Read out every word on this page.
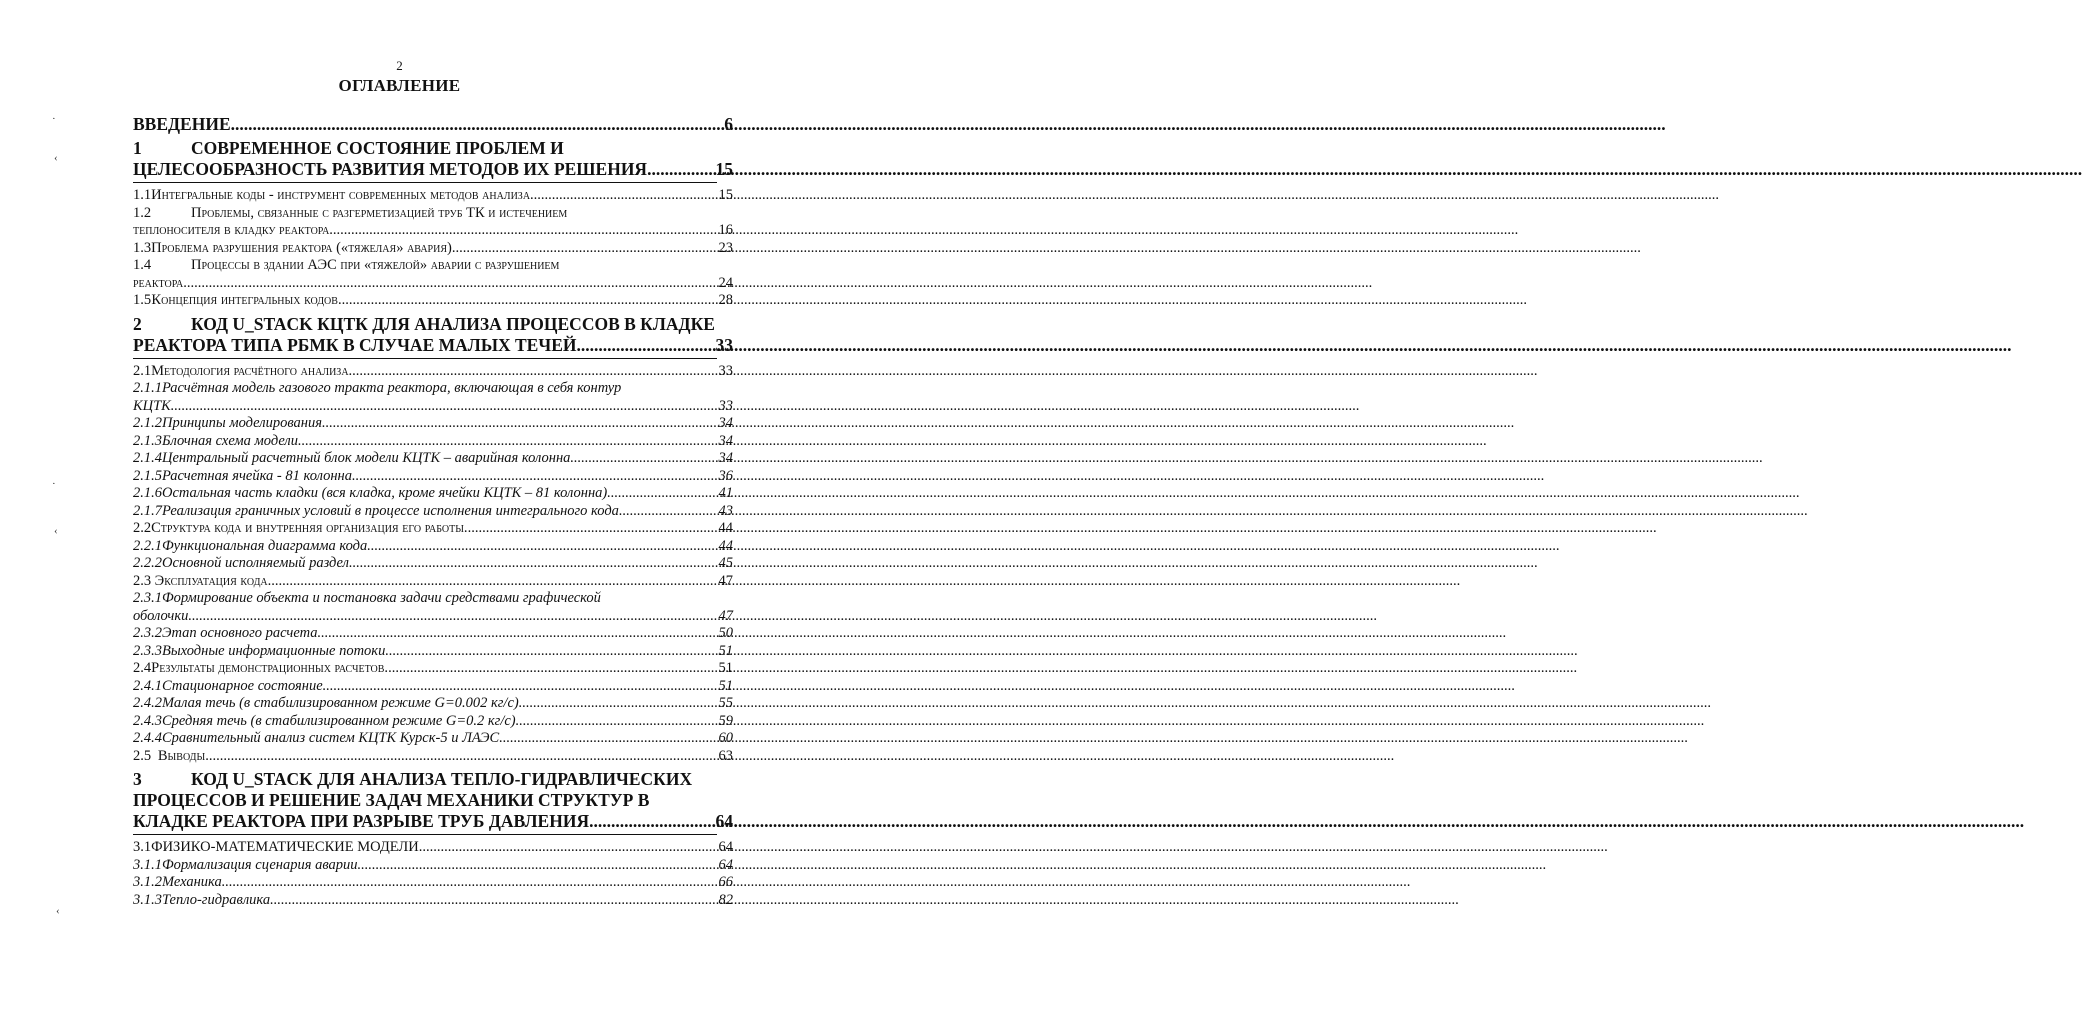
2
ОГЛАВЛЕНИЕ
·
‹
·
‹
‹
ВВЕДЕНИЕ .....	6
1	СОВРЕМЕННОЕ СОСТОЯНИЕ ПРОБЛЕМ И
ЦЕЛЕСООБРАЗНОСТЬ РАЗВИТИЯ МЕТОДОВ ИХ РЕШЕНИЯ .....	15
1.1 Интегральные коды - инструмент современных методов анализа .....	15
1.2	Проблемы, связанные с разгерметизацией труб ТК и истечением
теплоносителя в кладку реактора .....	16
1.3 Проблема разрушения реактора («тяжелая» авария) .....	23
1.4	Процессы в здании АЭС при «тяжелой» аварии с разрушением
реактора .....	24
1.5 Концепция интегральных кодов .....	28
2	КОД U_STACK КЦТК ДЛЯ АНАЛИЗА ПРОЦЕССОВ В КЛАДКЕ
РЕАКТОРА ТИПА РБМК В СЛУЧАЕ МАЛЫХ ТЕЧЕЙ .....	33
2.1 Методология расчётного анализа .....	33
2.1.1Расчётная модель газового тракта реактора, включающая в себя контур
КЦТК .....	33
2.1.2 Принципы моделирования. .....	34
2.1.3 Блочная схема модели .....	34
2.1.4 Центральный расчетный блок модели КЦТК – аварийная колонна. .....	34
2.1.5 Расчетная ячейка - 81 колонна. .....	36
2.1.6 Остальная часть кладки (вся кладка, кроме ячейки КЦТК – 81 колонна). .....	41
2.1.7 Реализация граничных условий в процессе исполнения интегрального кода .....	43
2.2 Структура кода и внутренняя организация его работы. .....	44
2.2.1 Функциональная диаграмма кода. .....	44
2.2.2 Основной исполняемый раздел .....	45
2.3 Эксплуатация кода. .....	47
2.3.1Формирование объекта и постановка задачи средствами графической
оболочки .....	47
2.3.2 Этап основного расчета .....	50
2.3.3 Выходные информационные потоки. .....	51
2.4 Результаты демонстрационных расчетов. .....	51
2.4.1 Стационарное состояние. .....	51
2.4.2 Малая течь (в стабилизированном режиме G=0.002 кг/с). .....	55
2.4.3 Средняя течь (в стабилизированном режиме G=0.2 кг/с) .....	59
2.4.4 Сравнительный анализ систем КЦТК Курск-5 и ЛАЭС .....	60
2.5 Выводы .....	63
3	КОД U_STACK ДЛЯ АНАЛИЗА ТЕПЛО-ГИДРАВЛИЧЕСКИХ
ПРОЦЕССОВ И РЕШЕНИЕ ЗАДАЧ МЕХАНИКИ СТРУКТУР В
КЛАДКЕ РЕАКТОРА ПРИ РАЗРЫВЕ ТРУБ ДАВЛЕНИЯ .....	64
3.1 ФИЗИКО-МАТЕМАТИЧЕСКИЕ МОДЕЛИ .....	64
3.1.1 Формализация сценария аварии .....	64
3.1.2 Механика .....	66
3.1.3 Тепло-гидравлика .....	82
